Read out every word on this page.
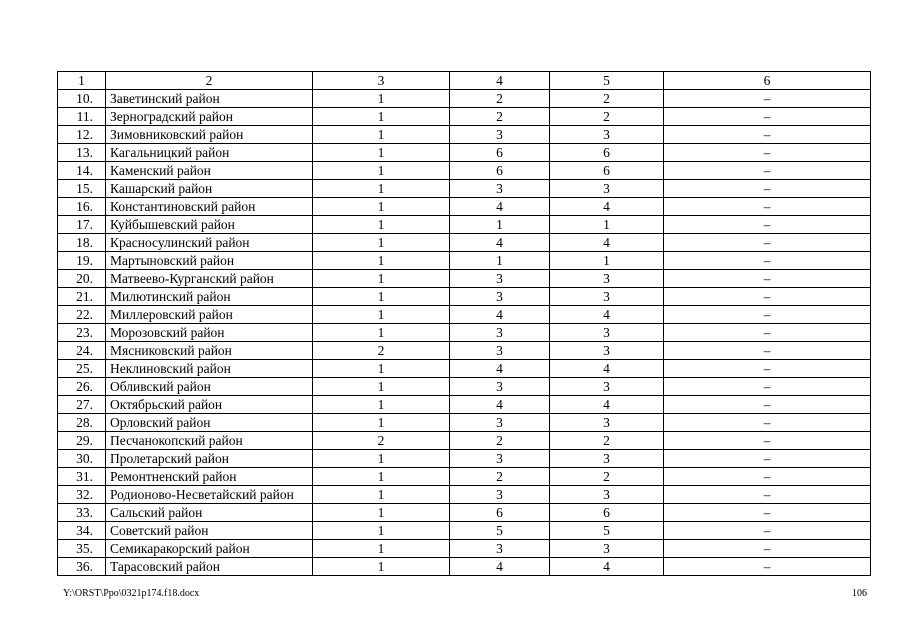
1	2	3	4	5	6
10.	Заветинский район	1	2	2	–
11.	Зерноградский район	1	2	2	–
12.	Зимовниковский район	1	3	3	–
13.	Кагальницкий район	1	6	6	–
14.	Каменский район	1	6	6	–
15.	Кашарский район	1	3	3	–
16.	Константиновский район	1	4	4	–
17.	Куйбышевский район	1	1	1	–
18.	Красносулинский район	1	4	4	–
19.	Мартыновский район	1	1	1	–
20.	Матвеево-Курганский район	1	3	3	–
21.	Милютинский район	1	3	3	–
22.	Миллеровский район	1	4	4	–
23.	Морозовский район	1	3	3	–
24.	Мясниковский район	2	3	3	–
25.	Неклиновский район	1	4	4	–
26.	Обливский район	1	3	3	–
27.	Октябрьский район	1	4	4	–
28.	Орловский район	1	3	3	–
29.	Песчанокопский район	2	2	2	–
30.	Пролетарский район	1	3	3	–
31.	Ремонтненский район	1	2	2	–
32.	Родионово-Несветайский район	1	3	3	–
33.	Сальский район	1	6	6	–
34.	Советский район	1	5	5	–
35.	Семикаракорский район	1	3	3	–
36.	Тарасовский район	1	4	4	–
Y:\ORST\Ppo\0321p174.f18.docx	106
